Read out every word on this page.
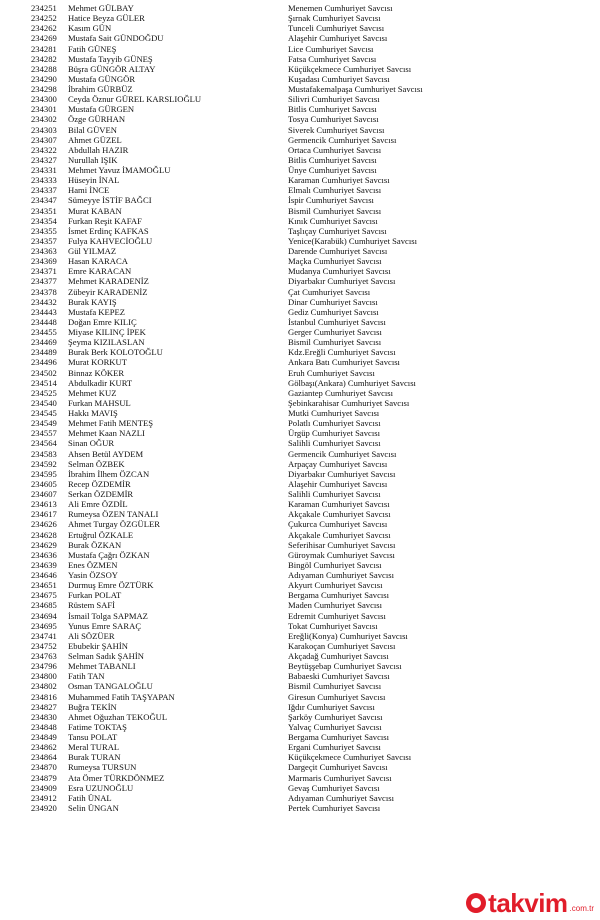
234251 Mehmet GÜLBAY	Menemen Cumhuriyet Savcısı
234252 Hatice Beyza GÜLER	Şırnak Cumhuriyet Savcısı
234262 Kasım GÜN	Tunceli Cumhuriyet Savcısı
234269 Mustafa Sait GÜNDOĞDU	Alaşehir Cumhuriyet Savcısı
234281 Fatih GÜNEŞ	Lice Cumhuriyet Savcısı
234282 Mustafa Tayyib GÜNEŞ	Fatsa Cumhuriyet Savcısı
234288 Büşra GÜNGÖR ALTAY	Küçükçekmece Cumhuriyet Savcısı
234290 Mustafa GÜNGÖR	Kuşadası Cumhuriyet Savcısı
234298 İbrahim GÜRBÜZ	Mustafakemalpaşa Cumhuriyet Savcısı
234300 Ceyda Öznur GÜREL KARSLIOĞLU	Silivri Cumhuriyet Savcısı
234301 Mustafa GÜRGEN	Bitlis Cumhuriyet Savcısı
234302 Özge GÜRHAN	Tosya Cumhuriyet Savcısı
234303 Bilal GÜVEN	Siverek Cumhuriyet Savcısı
234307 Ahmet GÜZEL	Germencik Cumhuriyet Savcısı
234322 Abdullah HAZIR	Ortaca Cumhuriyet Savcısı
234327 Nurullah IŞIK	Bitlis Cumhuriyet Savcısı
234331 Mehmet Yavuz İMAMOĞLU	Ünye Cumhuriyet Savcısı
234333 Hüseyin İNAL	Karaman Cumhuriyet Savcısı
234337 Hami İNCE	Elmalı Cumhuriyet Savcısı
234347 Sümeyye İSTİF BAĞCI	İspir Cumhuriyet Savcısı
234351 Murat KABAN	Bismil Cumhuriyet Savcısı
234354 Furkan Reşit KAFAF	Kınık Cumhuriyet Savcısı
234355 İsmet Erdinç KAFKAS	Taşlıçay Cumhuriyet Savcısı
234357 Fulya KAHVECİOĞLU	Yenice(Karabük) Cumhuriyet Savcısı
234363 Gül YILMAZ	Darende Cumhuriyet Savcısı
234369 Hasan KARACA	Maçka Cumhuriyet Savcısı
234371 Emre KARACAN	Mudanya Cumhuriyet Savcısı
234377 Mehmet KARADENİZ	Diyarbakır Cumhuriyet Savcısı
234378 Zübeyir KARADENİZ	Çat Cumhuriyet Savcısı
234432 Burak KAYIŞ	Dinar Cumhuriyet Savcısı
234443 Mustafa KEPEZ	Gediz Cumhuriyet Savcısı
234448 Doğan Emre KILIÇ	İstanbul Cumhuriyet Savcısı
234455 Miyase KILINÇ İPEK	Gerger Cumhuriyet Savcısı
234469 Şeyma KIZILASLAN	Bismil Cumhuriyet Savcısı
234489 Burak Berk KOLOTOĞLU	Kdz.Ereğli Cumhuriyet Savcısı
234496 Murat KORKUT	Ankara Batı Cumhuriyet Savcısı
234502 Binnaz KÖKER	Eruh Cumhuriyet Savcısı
234514 Abdulkadir KURT	Gölbaşı(Ankara) Cumhuriyet Savcısı
234525 Mehmet KUZ	Gaziantep Cumhuriyet Savcısı
234540 Furkan MAHSUL	Şebinkarahisar Cumhuriyet Savcısı
234545 Hakkı MAVIŞ	Mutki Cumhuriyet Savcısı
234549 Mehmet Fatih MENTEŞ	Polatlı Cumhuriyet Savcısı
234557 Mehmet Kaan NAZLI	Ürgüp Cumhuriyet Savcısı
234564 Sinan OĞUR	Salihli Cumhuriyet Savcısı
234583 Ahsen Betül AYDEM	Germencik Cumhuriyet Savcısı
234592 Selman ÖZBEK	Arpaçay Cumhuriyet Savcısı
234595 İbrahim İlhem ÖZCAN	Diyarbakır Cumhuriyet Savcısı
234605 Recep ÖZDEMİR	Alaşehir Cumhuriyet Savcısı
234607 Serkan ÖZDEMİR	Salihli Cumhuriyet Savcısı
234613 Ali Emre ÖZDİL	Karaman Cumhuriyet Savcısı
234617 Rumeysa ÖZEN TANALI	Akçakale Cumhuriyet Savcısı
234626 Ahmet Turgay ÖZGÜLER	Çukurca Cumhuriyet Savcısı
234628 Ertuğrul ÖZKALE	Akçakale Cumhuriyet Savcısı
234629 Burak ÖZKAN	Seferihisar Cumhuriyet Savcısı
234636 Mustafa Çağrı ÖZKAN	Güroymak Cumhuriyet Savcısı
234639 Enes ÖZMEN	Bingöl Cumhuriyet Savcısı
234646 Yasin ÖZSOY	Adıyaman Cumhuriyet Savcısı
234651 Durmuş Emre ÖZTÜRK	Akyurt Cumhuriyet Savcısı
234675 Furkan POLAT	Bergama Cumhuriyet Savcısı
234685 Rüstem SAFİ	Maden Cumhuriyet Savcısı
234694 İsmail Tolga SAPMAZ	Edremit Cumhuriyet Savcısı
234695 Yunus Emre SARAÇ	Tokat Cumhuriyet Savcısı
234741 Ali SÖZÜER	Ereğli(Konya) Cumhuriyet Savcısı
234752 Ebubekir ŞAHİN	Karakoçan Cumhuriyet Savcısı
234763 Selman Sadık ŞAHİN	Akçadağ Cumhuriyet Savcısı
234796 Mehmet TABANLI	Beytüşşebap Cumhuriyet Savcısı
234800 Fatih TAN	Babaeski Cumhuriyet Savcısı
234802 Osman TANGALOĞLU	Bismil Cumhuriyet Savcısı
234816 Muhammed Fatih TAŞYAPAN	Giresun Cumhuriyet Savcısı
234827 Buğra TEKİN	Iğdır Cumhuriyet Savcısı
234830 Ahmet Oğuzhan TEKOĞUL	Şarköy Cumhuriyet Savcısı
234848 Fatime TOKTAŞ	Yalvaç Cumhuriyet Savcısı
234849 Tansu POLAT	Bergama Cumhuriyet Savcısı
234862 Meral TURAL	Ergani Cumhuriyet Savcısı
234864 Burak TURAN	Küçükçekmece Cumhuriyet Savcısı
234870 Rumeysa TURSUN	Dargeçit Cumhuriyet Savcısı
234879 Ata Ömer TÜRKDÖNMEZ	Marmaris Cumhuriyet Savcısı
234909 Esra UZUNOĞLU	Gevaş Cumhuriyet Savcısı
234912 Fatih ÜNAL	Adıyaman Cumhuriyet Savcısı
234920 Selin ÜNGAN	Pertek Cumhuriyet Savcısı
takvim .com.tr
